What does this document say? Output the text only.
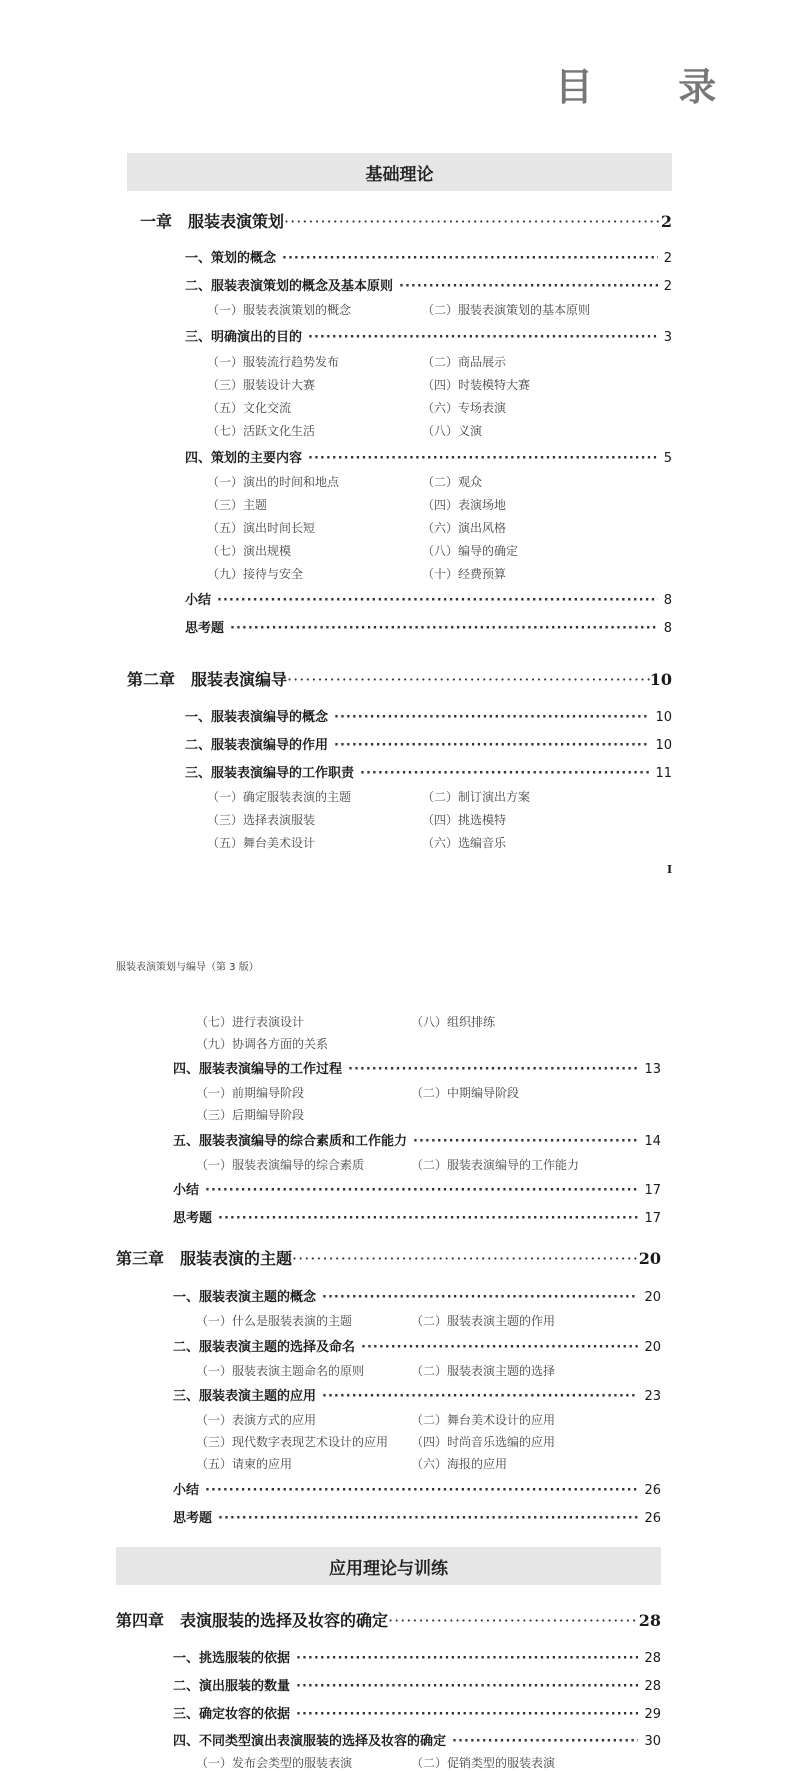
目 录
基础理论
一章　服装表演策划 ·····	2
一、策划的概念 ·····	2
二、服装表演策划的概念及基本原则 ·····	2
（一）服装表演策划的概念	（二）服装表演策划的基本原则
三、明确演出的目的 ·····	3
（一）服装流行趋势发布	（二）商品展示
（三）服装设计大赛	（四）时装模特大赛
（五）文化交流	（六）专场表演
（七）活跃文化生活	（八）义演
四、策划的主要内容 ·····	5
（一）演出的时间和地点	（二）观众
（三）主题	（四）表演场地
（五）演出时间长短	（六）演出风格
（七）演出规模	（八）编导的确定
（九）接待与安全	（十）经费预算
小结 ·····	8
思考题 ·····	8
第二章　服装表演编导 ·····	10
一、服装表演编导的概念 ·····	10
二、服装表演编导的作用 ·····	10
三、服装表演编导的工作职责 ·····	11
（一）确定服装表演的主题	（二）制订演出方案
（三）选择表演服装	（四）挑选模特
（五）舞台美术设计	（六）选编音乐
I
服装表演策划与编导（第 3 版）
（七）进行表演设计	（八）组织排练
（九）协调各方面的关系
四、服装表演编导的工作过程 ·····	13
（一）前期编导阶段	（二）中期编导阶段
（三）后期编导阶段
五、服装表演编导的综合素质和工作能力 ·····	14
（一）服装表演编导的综合素质	（二）服装表演编导的工作能力
小结 ·····	17
思考题 ·····	17
第三章　服装表演的主题 ·····	20
一、服装表演主题的概念 ·····	20
（一）什么是服装表演的主题	（二）服装表演主题的作用
二、服装表演主题的选择及命名 ·····	20
（一）服装表演主题命名的原则	（二）服装表演主题的选择
三、服装表演主题的应用 ·····	23
（一）表演方式的应用	（二）舞台美术设计的应用
（三）现代数字表现艺术设计的应用 （四）时尚音乐选编的应用
（五）请柬的应用	（六）海报的应用
小结 ·····	26
思考题 ·····	26
应用理论与训练
第四章　表演服装的选择及妆容的确定 ·····	28
一、挑选服装的依据 ·····	28
二、演出服装的数量 ·····	28
三、确定妆容的依据 ·····	29
四、不同类型演出表演服装的选择及妆容的确定 ·····	30
（一）发布会类型的服装表演	（二）促销类型的服装表演
